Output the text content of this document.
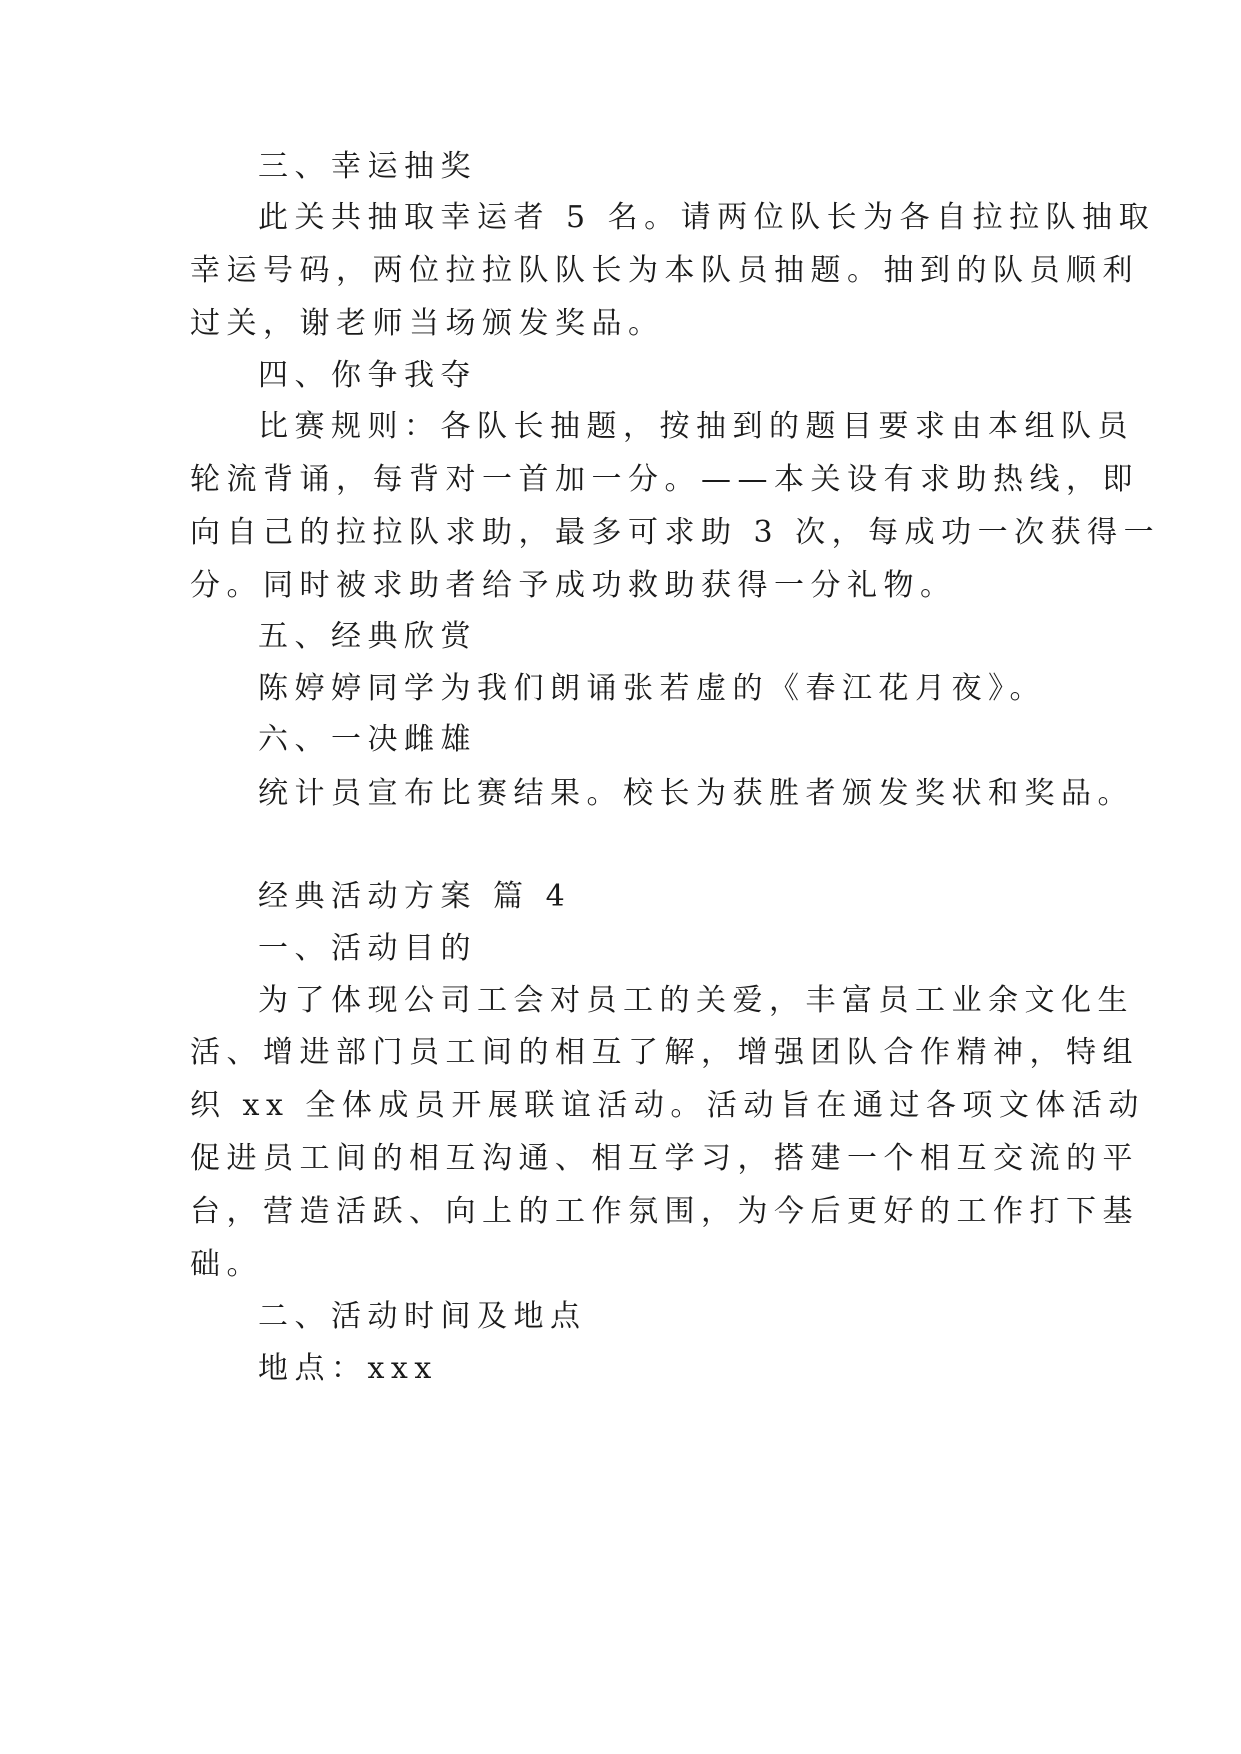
三、幸运抽奖
此关共抽取幸运者 5 名。请两位队长为各自拉拉队抽取
幸运号码，两位拉拉队队长为本队员抽题。抽到的队员顺利
过关，谢老师当场颁发奖品。
四、你争我夺
比赛规则：各队长抽题，按抽到的题目要求由本组队员
轮流背诵，每背对一首加一分。——本关设有求助热线，即
向自己的拉拉队求助，最多可求助 3 次，每成功一次获得一
分。同时被求助者给予成功救助获得一分礼物。
五、经典欣赏
陈婷婷同学为我们朗诵张若虚的《春江花月夜》。
六、一决雌雄
统计员宣布比赛结果。校长为获胜者颁发奖状和奖品。
经典活动方案 篇 4
一、活动目的
为了体现公司工会对员工的关爱，丰富员工业余文化生
活、增进部门员工间的相互了解，增强团队合作精神，特组
织 xx 全体成员开展联谊活动。活动旨在通过各项文体活动
促进员工间的相互沟通、相互学习，搭建一个相互交流的平
台，营造活跃、向上的工作氛围，为今后更好的工作打下基
础。
二、活动时间及地点
地点：xxx
